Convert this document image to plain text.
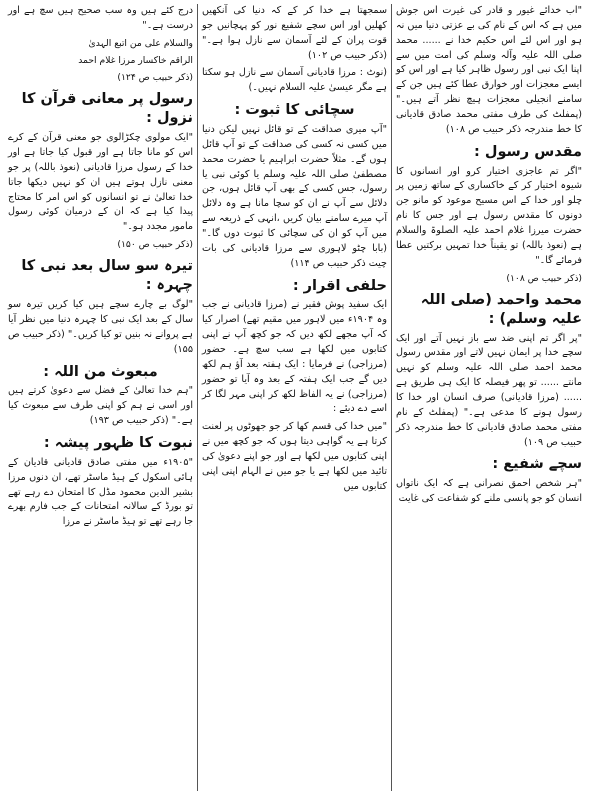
"اب خدائے غیور و قادر کی غیرت اس جوش میں ہے کہ اس کے نام کی بے عزتی دنیا میں نہ ہو اور اس لئے اس حکیم خدا نے ...... محمد صلی اللہ علیہ وآلہ وسلم کی امت میں سے اپنا ایک نبی اور رسول ظاہر کیا ہے اور اس کو ایسے معجزات اور خوارق عطا کئے ہیں جن کے سامنے انجیلی معجزات ہیچ نظر آتے ہیں۔" (پمفلٹ کی طرف مفتی محمد صادق قادیانی کا خط مندرجہ ذکر حبیب ص ۱۰۸)

مقدس رسول :

"اگر تم عاجزی اختیار کرو اور انسانوں کا شیوہ اختیار کر کے خاکساری کے ساتھ زمین پر چلو اور خدا کے اس مسیح موعود کو مانو جن دونوں کا مقدس رسول ہے اور جس کا نام حضرت میرزا غلام احمد علیہ الصلوۃ والسلام ہے (نعوذ باللہ) تو یقیناً خدا تمہیں برکتیں عطا فرمائے گا۔"

(ذکر حبیب ص ۱۰۸)

محمد واحمد (صلی اللہ علیہ وسلم) :

"پر اگر تم اپنی ضد سے باز نہیں آتے اور ایک سچے خدا پر ایمان نہیں لاتے اور مقدس رسول محمد احمد صلی اللہ علیہ وسلم کو نہیں مانتے ...... تو پھر فیصلہ کا ایک ہی طریق ہے ...... (مرزا قادیانی) صرف انسان اور خدا کا رسول ہونے کا مدعی ہے۔" (پمفلٹ کے نام مفتی محمد صادق قادیانی کا خط مندرجہ ذکر حبیب ص ۱۰۹)

سچے شفیع :

"ہر شخص احمق نصرانی ہے کہ ایک ناتواں انسان کو جو پانسی ملنے کو شفاعت کی غایت

سمجھتا ہے خدا کر کے کہ دنیا کی آنکھیں کھلیں اور اس سچے شفیع نور کو پہچانیں جو قوت پران کے لئے آسمان سے نازل ہوا ہے۔" (ذکر حبیب ص ۱۰۲)

(نوٹ : مرزا قادیانی آسمان سے نازل ہو سکتا ہے مگر عیسیٰ علیہ السلام نہیں۔)

سچائی کا ثبوت :

"آپ میری صداقت کے تو قائل نہیں لیکن دنیا میں کسی نہ کسی کی صداقت کے تو آپ قائل ہوں گے۔ مثلاً حضرت ابراہیم یا حضرت محمد مصطفیٰ صلی اللہ علیہ وسلم یا کوئی نبی یا رسول، جس کسی کے بھی آپ قائل ہوں، جن دلائل سے آپ نے ان کو سچا مانا ہے وہ دلائل آپ میرے سامنے بیان کریں ،انہی کے ذریعہ سے میں آپ کو ان کی سچائی کا ثبوت دوں گا۔" (بابا چٹو لاہوری سے مرزا قادیانی کی بات چیت ذکر حبیب ص ۱۱۴)

حلفی اقرار :

ایک سفید پوش فقیر نے (مرزا قادیانی نے جب وہ ۱۹۰۴ء میں لاہور میں مقیم تھے) اصرار کیا کہ آپ مجھے لکھ دیں کہ جو کچھ آپ نے اپنی کتابوں میں لکھا ہے سب سچ ہے۔ حضور (مرزاجی) نے فرمایا : ایک ہفتہ بعد آؤ ہم لکھ دیں گے جب ایک ہفتہ کے بعد وہ آیا تو حضور (مرزاجی) نے یہ الفاظ لکھ کر اپنی مہر لگا کر اسے دے دیئے :

"میں خدا کی قسم کھا کر جو جھوٹوں پر لعنت کرتا ہے یہ گواہی دیتا ہوں کہ جو کچھ میں نے اپنی کتابوں میں لکھا ہے اور جو اپنے دعویٰ کی تائید میں لکھا ہے یا جو میں نے الہام اپنی اپنی کتابوں میں

درج کئے ہیں وہ سب صحیح ہیں سچ ہے اور درست ہے۔"

والسلام علی من اتبع الہدیٰ

الراقم خاکسار مرزا غلام احمد

(ذکر حبیب ص ۱۲۴)

رسول پر معانی قرآن کا نزول :

"ایک مولوی چکڑالوی جو معنی قرآن کے کرے اس کو مانا جاتا ہے اور قبول کیا جاتا ہے اور خدا کے رسول مرزا قادیانی (نعوذ باللہ) پر جو معنی نازل ہوتے ہیں ان کو نہیں دیکھا جاتا خدا تعالیٰ نے تو انسانوں کو اس امر کا محتاج پیدا کیا ہے کہ ان کے درمیان کوئی رسول مامور مجدد ہو۔"

(ذکر حبیب ص ۱۵۰)

تیرہ سو سال بعد نبی کا چہرہ :

"لوگ بے چارے سچے ہیں کیا کریں تیرہ سو سال کے بعد ایک نبی کا چہرہ دنیا میں نظر آیا ہے پروانے نہ بنیں تو کیا کریں۔" (ذکر حبیب ص ۱۵۵)

مبعوث من اللہ :

"ہم خدا تعالیٰ کے فضل سے دعویٰ کرتے ہیں اور اسی نے ہم کو اپنی طرف سے مبعوث کیا ہے۔" (ذکر حبیب ص ۱۹۳)

نبوت کا ظہور پیشہ :

"۱۹۰۵ء میں مفتی صادق قادیانی قادیان کے ہائی اسکول کے ہیڈ ماسٹر تھے، ان دنوں مرزا بشیر الدین محمود مڈل کا امتحان دے رہے تھے تو بورڈ کے سالانہ امتحانات کے جب فارم بھرے جا رہے تھے تو ہیڈ ماسٹر نے مرزا
